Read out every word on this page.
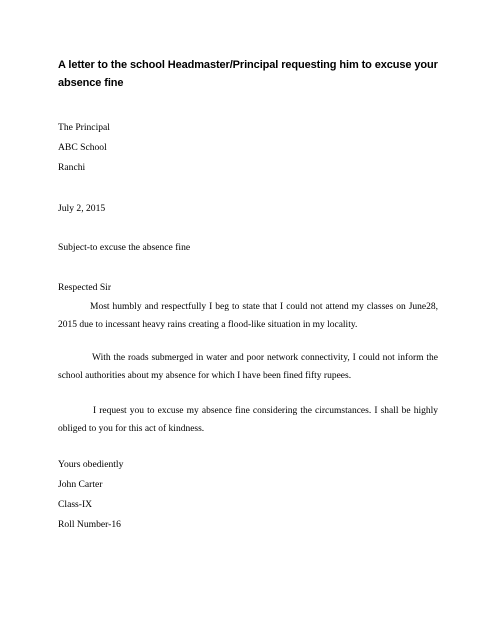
A letter to the school Headmaster/Principal requesting him to excuse your absence fine

The Principal

ABC School

Ranchi

July 2, 2015

Subject-to excuse the absence fine

Respected Sir

Most humbly and respectfully I beg to state that I could not attend my classes on June28, 2015 due to incessant heavy rains creating a flood-like situation in my locality.

With the roads submerged in water and poor network connectivity, I could not inform the school authorities about my absence for which I have been fined fifty rupees.

I request you to excuse my absence fine considering the circumstances. I shall be highly obliged to you for this act of kindness.

Yours obediently

John Carter

Class-IX

Roll Number-16
